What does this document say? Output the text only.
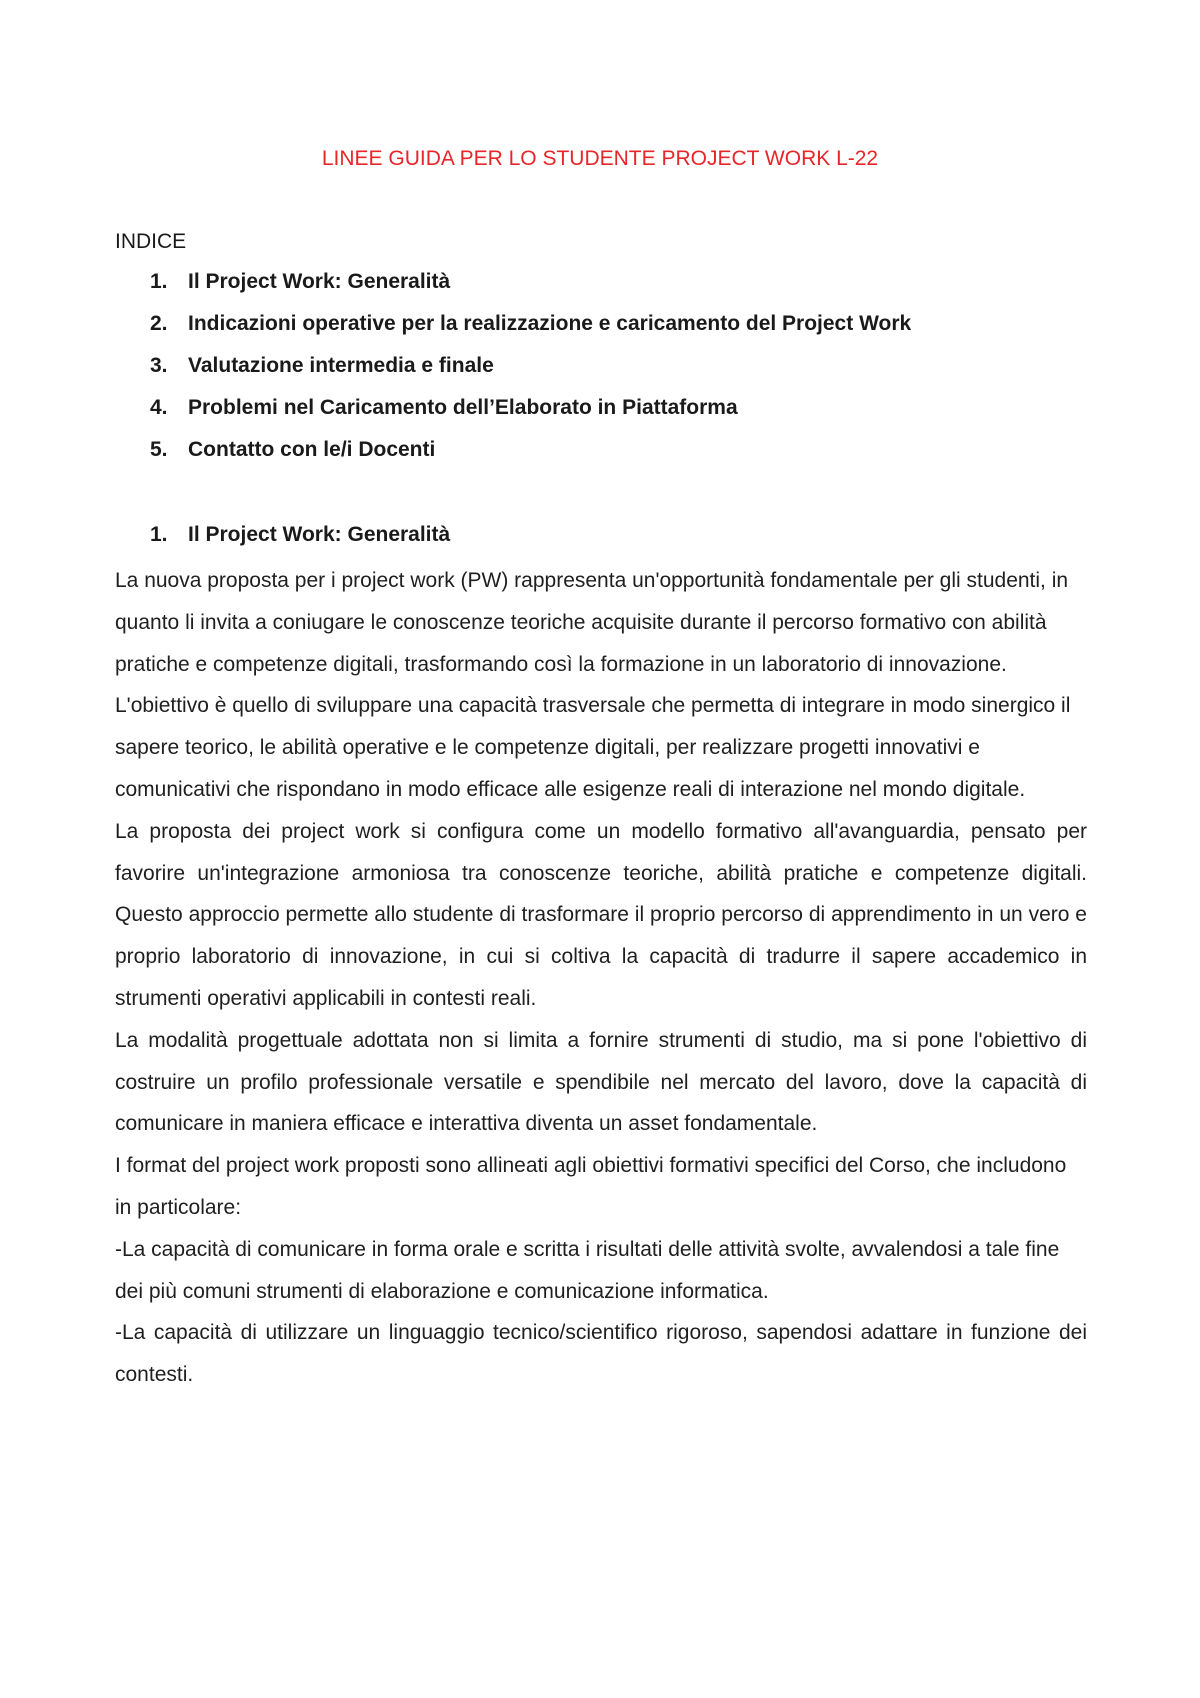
LINEE GUIDA PER LO STUDENTE PROJECT WORK L-22
INDICE
1. Il Project Work: Generalità
2. Indicazioni operative per la realizzazione e caricamento del Project Work
3. Valutazione intermedia e finale
4. Problemi nel Caricamento dell’Elaborato in Piattaforma
5. Contatto con le/i Docenti
1. Il Project Work: Generalità

La nuova proposta per i project work (PW) rappresenta un'opportunità fondamentale per gli studenti, in quanto li invita a coniugare le conoscenze teoriche acquisite durante il percorso formativo con abilità pratiche e competenze digitali, trasformando così la formazione in un laboratorio di innovazione. L'obiettivo è quello di sviluppare una capacità trasversale che permetta di integrare in modo sinergico il sapere teorico, le abilità operative e le competenze digitali, per realizzare progetti innovativi e comunicativi che rispondano in modo efficace alle esigenze reali di interazione nel mondo digitale.

La proposta dei project work si configura come un modello formativo all'avanguardia, pensato per favorire un'integrazione armoniosa tra conoscenze teoriche, abilità pratiche e competenze digitali. Questo approccio permette allo studente di trasformare il proprio percorso di apprendimento in un vero e proprio laboratorio di innovazione, in cui si coltiva la capacità di tradurre il sapere accademico in strumenti operativi applicabili in contesti reali.

La modalità progettuale adottata non si limita a fornire strumenti di studio, ma si pone l'obiettivo di costruire un profilo professionale versatile e spendibile nel mercato del lavoro, dove la capacità di comunicare in maniera efficace e interattiva diventa un asset fondamentale.

I format del project work proposti sono allineati agli obiettivi formativi specifici del Corso, che includono in particolare:

-La capacità di comunicare in forma orale e scritta i risultati delle attività svolte, avvalendosi a tale fine dei più comuni strumenti di elaborazione e comunicazione informatica.

-La capacità di utilizzare un linguaggio tecnico/scientifico rigoroso, sapendosi adattare in funzione dei contesti.
